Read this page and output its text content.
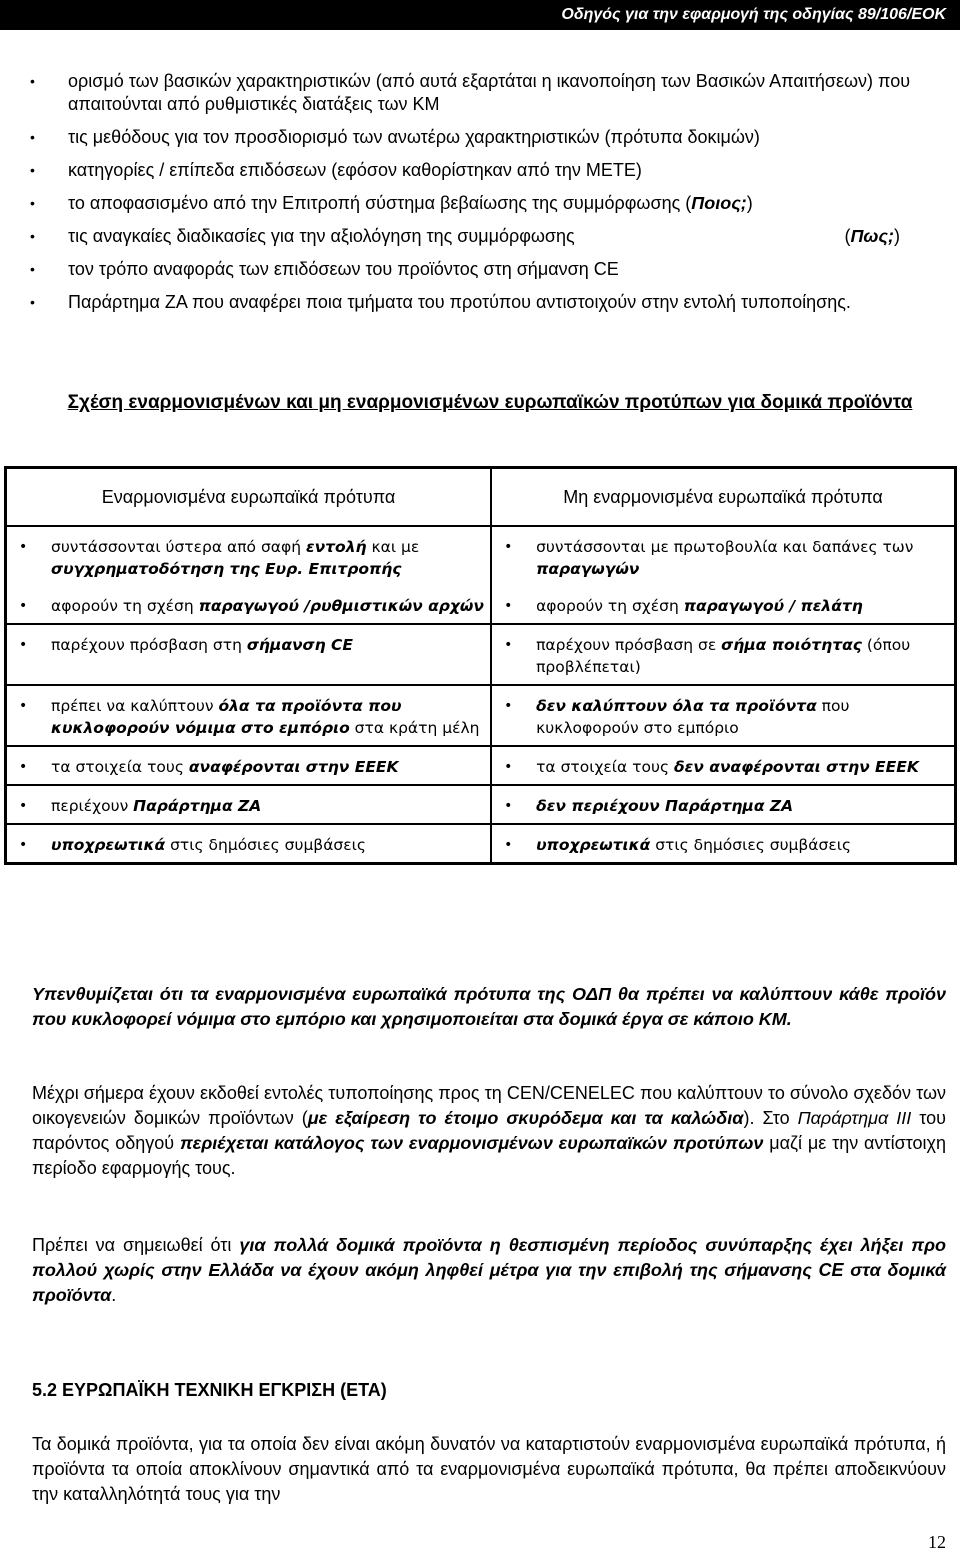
Οδηγός για την εφαρμογή της οδηγίας 89/106/ΕΟΚ
• ορισμό των βασικών χαρακτηριστικών (από αυτά εξαρτάται η ικανοποίηση των Βασικών Απαιτήσεων) που απαιτούνται από ρυθμιστικές διατάξεις των ΚΜ
• τις μεθόδους για τον προσδιορισμό των ανωτέρω χαρακτηριστικών (πρότυπα δοκιμών)
• κατηγορίες / επίπεδα επιδόσεων (εφόσον καθορίστηκαν από την ΜΕΤΕ)
• το αποφασισμένο από την Επιτροπή σύστημα βεβαίωσης της συμμόρφωσης (Ποιος;)
• τις αναγκαίες διαδικασίες για την αξιολόγηση της συμμόρφωσης	(Πως;)
• τον τρόπο αναφοράς των επιδόσεων του προϊόντος στη σήμανση CE
• Παράρτημα ΖΑ που αναφέρει ποια τμήματα του προτύπου αντιστοιχούν στην εντολή τυποποίησης.
Σχέση εναρμονισμένων και μη εναρμονισμένων ευρωπαϊκών προτύπων για δομικά προϊόντα
Εναρμονισμένα ευρωπαϊκά πρότυπα	Μη εναρμονισμένα ευρωπαϊκά πρότυπα

• συντάσσονται ύστερα από σαφή εντολή και με συγχρηματοδότηση της Ευρ. Επιτροπής	• συντάσσονται με πρωτοβουλία και δαπάνες των παραγωγών

• αφορούν τη σχέση παραγωγού /ρυθμιστικών αρχών	• αφορούν τη σχέση παραγωγού / πελάτη

• παρέχουν πρόσβαση στη σήμανση CE	• παρέχουν πρόσβαση σε σήμα ποιότητας (όπου προβλέπεται)

• πρέπει να καλύπτουν όλα τα προϊόντα που κυκλοφορούν νόμιμα στο εμπόριο στα κράτη μέλη	• δεν καλύπτουν όλα τα προϊόντα που κυκλοφορούν στο εμπόριο

• τα στοιχεία τους αναφέρονται στην ΕΕΕΚ	• τα στοιχεία τους δεν αναφέρονται στην ΕΕΕΚ

• περιέχουν Παράρτημα ΖΑ	• δεν περιέχουν Παράρτημα ΖΑ

• υποχρεωτικά στις δημόσιες συμβάσεις	• υποχρεωτικά στις δημόσιες συμβάσεις
Υπενθυμίζεται ότι τα εναρμονισμένα ευρωπαϊκά πρότυπα της ΟΔΠ θα πρέπει να καλύπτουν κάθε προϊόν που κυκλοφορεί νόμιμα στο εμπόριο και χρησιμοποιείται στα δομικά έργα σε κάποιο ΚΜ.
Μέχρι σήμερα έχουν εκδοθεί εντολές τυποποίησης προς τη CEN/CENELEC που καλύπτουν το σύνολο σχεδόν των οικογενειών δομικών προϊόντων (με εξαίρεση το έτοιμο σκυρόδεμα και τα καλώδια). Στο Παράρτημα ΙΙΙ του παρόντος οδηγού περιέχεται κατάλογος των εναρμονισμένων ευρωπαϊκών προτύπων μαζί με την αντίστοιχη περίοδο εφαρμογής τους.
Πρέπει να σημειωθεί ότι για πολλά δομικά προϊόντα η θεσπισμένη περίοδος συνύπαρξης έχει λήξει προ πολλού χωρίς στην Ελλάδα να έχουν ακόμη ληφθεί μέτρα για την επιβολή της σήμανσης CE στα δομικά προϊόντα.
5.2 ΕΥΡΩΠΑΪΚΗ ΤΕΧΝΙΚΗ ΕΓΚΡΙΣΗ (ΕΤΑ)
Τα δομικά προϊόντα, για τα οποία δεν είναι ακόμη δυνατόν να καταρτιστούν εναρμονισμένα ευρωπαϊκά πρότυπα, ή προϊόντα τα οποία αποκλίνουν σημαντικά από τα εναρμονισμένα ευρωπαϊκά πρότυπα, θα πρέπει αποδεικνύουν την καταλληλότητά τους για την
12
